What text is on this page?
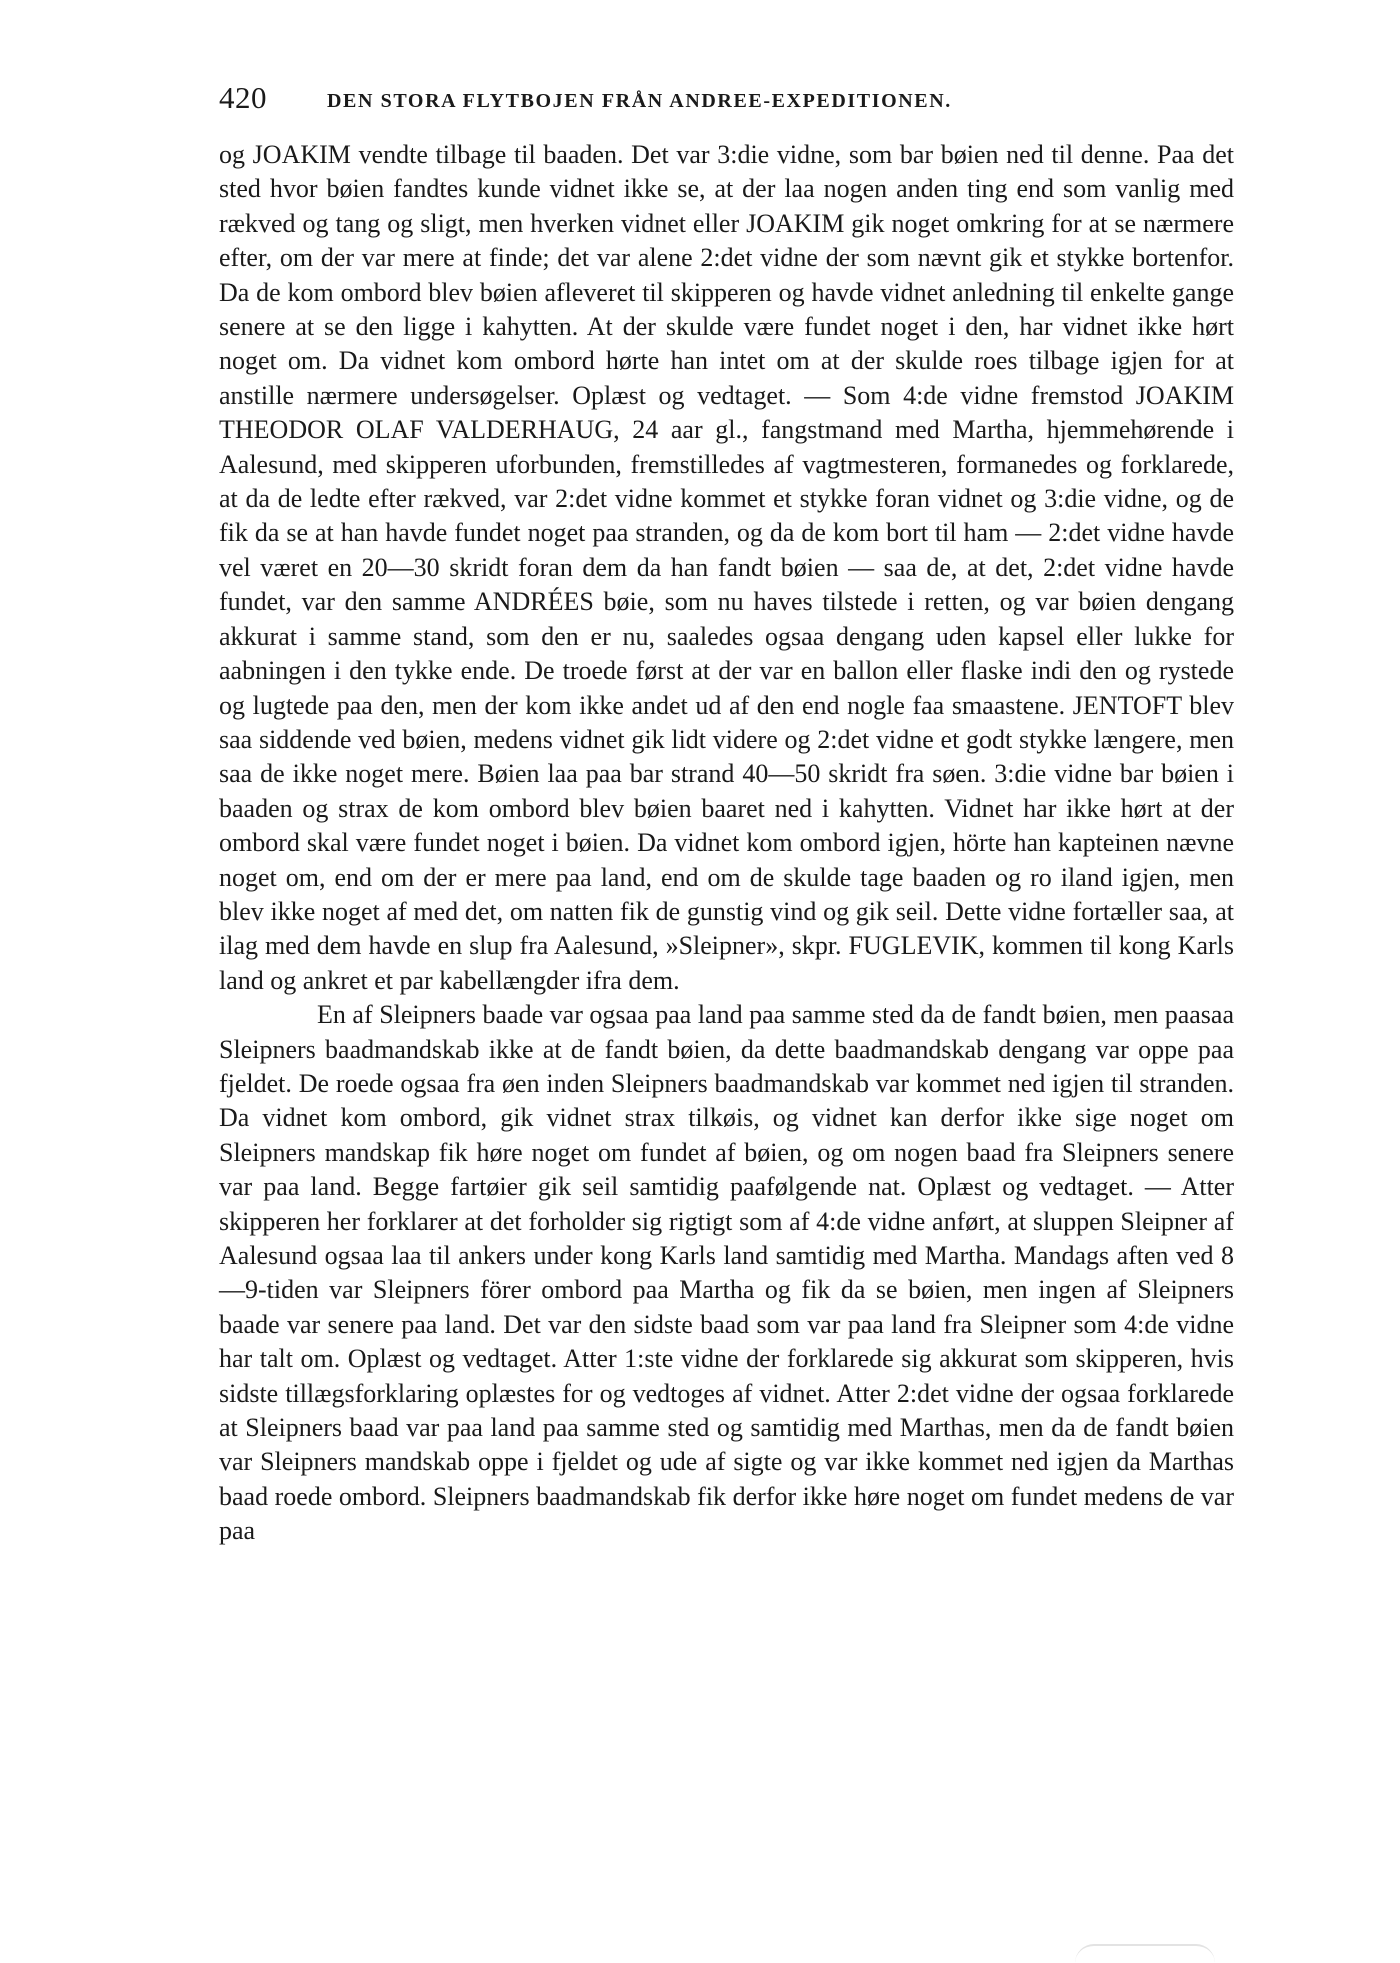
420	DEN STORA FLYTBOJEN FRÅN ANDREE-EXPEDITIONEN.

og JOAKIM vendte tilbage til baaden. Det var 3:die vidne, som bar bøien ned til denne. Paa det sted hvor bøien fandtes kunde vidnet ikke se, at der laa nogen anden ting end som vanlig med rækved og tang og sligt, men hverken vidnet eller JOAKIM gik noget omkring for at se nærmere efter, om der var mere at finde; det var alene 2:det vidne der som nævnt gik et stykke bortenfor. Da de kom ombord blev bøien afleveret til skipperen og havde vidnet anledning til enkelte gange senere at se den ligge i kahytten. At der skulde være fundet noget i den, har vidnet ikke hørt noget om. Da vidnet kom ombord hørte han intet om at der skulde roes tilbage igjen for at anstille nærmere undersøgelser. Oplæst og vedtaget. — Som 4:de vidne fremstod JOAKIM THEODOR OLAF VALDERHAUG, 24 aar gl., fangstmand med Martha, hjemmehørende i Aalesund, med skipperen uforbunden, fremstilledes af vagtmesteren, formanedes og forklarede, at da de ledte efter rækved, var 2:det vidne kommet et stykke foran vidnet og 3:die vidne, og de fik da se at han havde fundet noget paa stranden, og da de kom bort til ham — 2:det vidne havde vel været en 20—30 skridt foran dem da han fandt bøien — saa de, at det, 2:det vidne havde fundet, var den samme ANDRÉES bøie, som nu haves tilstede i retten, og var bøien dengang akkurat i samme stand, som den er nu, saaledes ogsaa dengang uden kapsel eller lukke for aabningen i den tykke ende. De troede først at der var en ballon eller flaske indi den og rystede og lugtede paa den, men der kom ikke andet ud af den end nogle faa smaastene. JENTOFT blev saa siddende ved bøien, medens vidnet gik lidt videre og 2:det vidne et godt stykke længere, men saa de ikke noget mere. Bøien laa paa bar strand 40—50 skridt fra søen. 3:die vidne bar bøien i baaden og strax de kom ombord blev bøien baaret ned i kahytten. Vidnet har ikke hørt at der ombord skal være fundet noget i bøien. Da vidnet kom ombord igjen, hörte han kapteinen nævne noget om, end om der er mere paa land, end om de skulde tage baaden og ro iland igjen, men blev ikke noget af med det, om natten fik de gunstig vind og gik seil. Dette vidne fortæller saa, at ilag med dem havde en slup fra Aalesund, »Sleipner», skpr. FUGLEVIK, kommen til kong Karls land og ankret et par kabellængder ifra dem.

En af Sleipners baade var ogsaa paa land paa samme sted da de fandt bøien, men paasaa Sleipners baadmandskab ikke at de fandt bøien, da dette baadmandskab dengang var oppe paa fjeldet. De roede ogsaa fra øen inden Sleipners baadmandskab var kommet ned igjen til stranden. Da vidnet kom ombord, gik vidnet strax tilkøis, og vidnet kan derfor ikke sige noget om Sleipners mandskap fik høre noget om fundet af bøien, og om nogen baad fra Sleipners senere var paa land. Begge fartøier gik seil samtidig paafølgende nat. Oplæst og vedtaget. — Atter skipperen her forklarer at det forholder sig rigtigt som af 4:de vidne anført, at sluppen Sleipner af Aalesund ogsaa laa til ankers under kong Karls land samtidig med Martha. Mandags aften ved 8—9-tiden var Sleipners förer ombord paa Martha og fik da se bøien, men ingen af Sleipners baade var senere paa land. Det var den sidste baad som var paa land fra Sleipner som 4:de vidne har talt om. Oplæst og vedtaget. Atter 1:ste vidne der forklarede sig akkurat som skipperen, hvis sidste tillægsforklaring oplæstes for og vedtoges af vidnet. Atter 2:det vidne der ogsaa forklarede at Sleipners baad var paa land paa samme sted og samtidig med Marthas, men da de fandt bøien var Sleipners mandskab oppe i fjeldet og ude af sigte og var ikke kommet ned igjen da Marthas baad roede ombord. Sleipners baadmandskab fik derfor ikke høre noget om fundet medens de var paa
